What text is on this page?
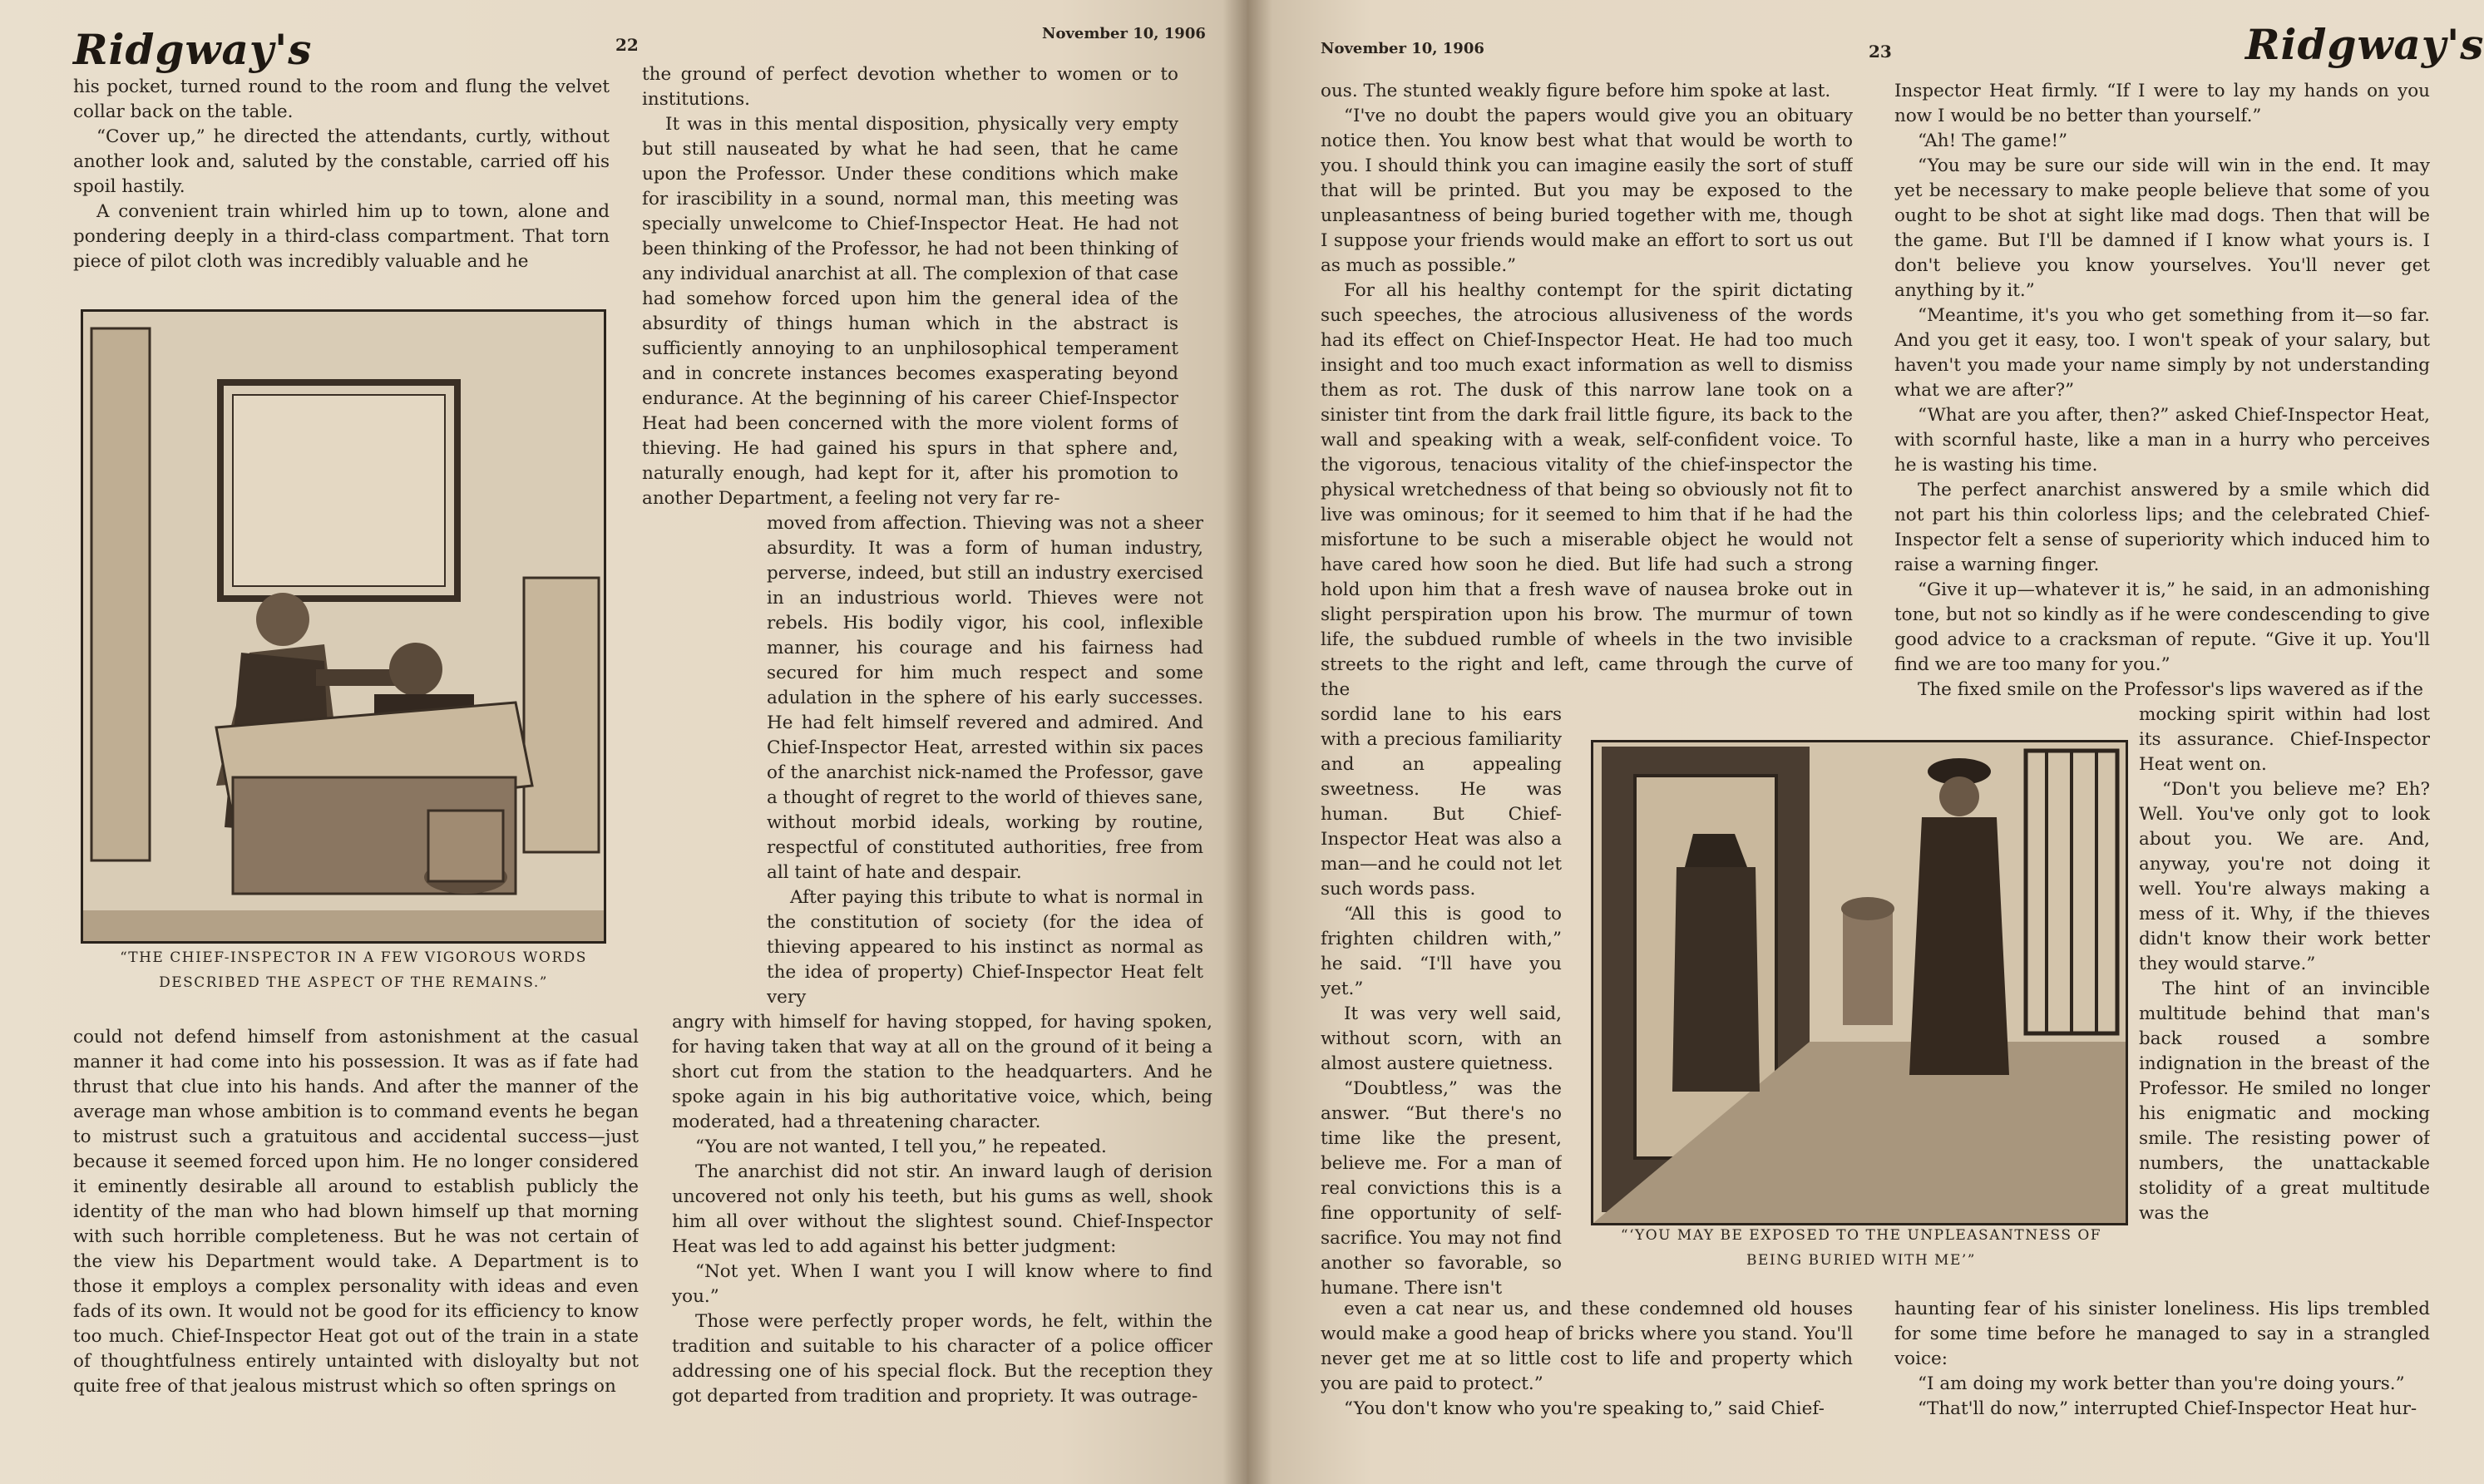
Ridgway's	22
November 10, 1906

his pocket, turned round to the room and flung the velvet collar back on the table.

“Cover up,” he directed the attendants, curtly, without another look and, saluted by the constable, carried off his spoil hastily.

A convenient train whirled him up to town, alone and pondering deeply in a third-class compartment. That torn piece of pilot cloth was incredibly valuable and he

“THE CHIEF-INSPECTOR IN A FEW VIGOROUS WORDS DESCRIBED THE ASPECT OF THE REMAINS.”

could not defend himself from astonishment at the casual manner it had come into his possession. It was as if fate had thrust that clue into his hands. And after the manner of the average man whose ambition is to command events he began to mistrust such a gratuitous and accidental success—just because it seemed forced upon him. He no longer considered it eminently desirable all around to establish publicly the identity of the man who had blown himself up that morning with such horrible completeness. But he was not certain of the view his Department would take. A Department is to those it employs a complex personality with ideas and even fads of its own. It would not be good for its efficiency to know too much. Chief-Inspector Heat got out of the train in a state of thoughtfulness entirely untainted with disloyalty but not quite free of that jealous mistrust which so often springs on

the ground of perfect devotion whether to women or to institutions.

It was in this mental disposition, physically very empty but still nauseated by what he had seen, that he came upon the Professor. Under these conditions which make for irascibility in a sound, normal man, this meeting was specially unwelcome to Chief-Inspector Heat. He had not been thinking of the Professor, he had not been thinking of any individual anarchist at all. The complexion of that case had somehow forced upon him the general idea of the absurdity of things human which in the abstract is sufficiently annoying to an unphilosophical temperament and in concrete instances becomes exasperating beyond endurance. At the beginning of his career Chief-Inspector Heat had been concerned with the more violent forms of thieving. He had gained his spurs in that sphere and, naturally enough, had kept for it, after his promotion to another Department, a feeling not very far re-

moved from affection. Thieving was not a sheer absurdity. It was a form of human industry, perverse, indeed, but still an industry exercised in an industrious world. Thieves were not rebels. His bodily vigor, his cool, inflexible manner, his courage and his fairness had secured for him much respect and some adulation in the sphere of his early successes. He had felt himself revered and admired. And Chief-Inspector Heat, arrested within six paces of the anarchist nick-named the Professor, gave a thought of regret to the world of thieves sane, without morbid ideals, working by routine, respectful of constituted authorities, free from all taint of hate and despair.

After paying this tribute to what is normal in the constitution of society (for the idea of thieving appeared to his instinct as normal as the idea of property) Chief-Inspector Heat felt very

angry with himself for having stopped, for having spoken, for having taken that way at all on the ground of it being a short cut from the station to the headquarters. And he spoke again in his big authoritative voice, which, being moderated, had a threatening character.

“You are not wanted, I tell you,” he repeated.

The anarchist did not stir. An inward laugh of derision uncovered not only his teeth, but his gums as well, shook him all over without the slightest sound. Chief-Inspector Heat was led to add against his better judgment:

“Not yet. When I want you I will know where to find you.”

Those were perfectly proper words, he felt, within the tradition and suitable to his character of a police officer addressing one of his special flock. But the reception they got departed from tradition and propriety. It was outrage-

November 10, 1906	23	Ridgway's

ous. The stunted weakly figure before him spoke at last.

“I've no doubt the papers would give you an obituary notice then. You know best what that would be worth to you. I should think you can imagine easily the sort of stuff that will be printed. But you may be exposed to the unpleasantness of being buried together with me, though I suppose your friends would make an effort to sort us out as much as possible.”

For all his healthy contempt for the spirit dictating such speeches, the atrocious allusiveness of the words had its effect on Chief-Inspector Heat. He had too much insight and too much exact information as well to dismiss them as rot. The dusk of this narrow lane took on a sinister tint from the dark frail little figure, its back to the wall and speaking with a weak, self-confident voice. To the vigorous, tenacious vitality of the chief-inspector the physical wretchedness of that being so obviously not fit to live was ominous; for it seemed to him that if he had the misfortune to be such a miserable object he would not have cared how soon he died. But life had such a strong hold upon him that a fresh wave of nausea broke out in slight perspiration upon his brow. The murmur of town life, the subdued rumble of wheels in the two invisible streets to the right and left, came through the curve of the

sordid lane to his ears with a precious familiarity and an appealing sweetness. He was human. But Chief-Inspector Heat was also a man—and he could not let such words pass.

“All this is good to frighten children with,” he said. “I'll have you yet.”

It was very well said, without scorn, with an almost austere quietness.

“Doubtless,” was the answer. “But there's no time like the present, believe me. For a man of real convictions this is a fine opportunity of self-sacrifice. You may not find another so favorable, so humane. There isn't

“‘YOU MAY BE EXPOSED TO THE UNPLEASANTNESS OF BEING BURIED WITH ME’”

even a cat near us, and these condemned old houses would make a good heap of bricks where you stand. You'll never get me at so little cost to life and property which you are paid to protect.”

“You don't know who you're speaking to,” said Chief-

Inspector Heat firmly. “If I were to lay my hands on you now I would be no better than yourself.”

“Ah! The game!”

“You may be sure our side will win in the end. It may yet be necessary to make people believe that some of you ought to be shot at sight like mad dogs. Then that will be the game. But I'll be damned if I know what yours is. I don't believe you know yourselves. You'll never get anything by it.”

“Meantime, it's you who get something from it—so far. And you get it easy, too. I won't speak of your salary, but haven't you made your name simply by not understanding what we are after?”

“What are you after, then?” asked Chief-Inspector Heat, with scornful haste, like a man in a hurry who perceives he is wasting his time.

The perfect anarchist answered by a smile which did not part his thin colorless lips; and the celebrated Chief-Inspector felt a sense of superiority which induced him to raise a warning finger.

“Give it up—whatever it is,” he said, in an admonishing tone, but not so kindly as if he were condescending to give good advice to a cracksman of repute. “Give it up. You'll find we are too many for you.”

The fixed smile on the Professor's lips wavered as if the

mocking spirit within had lost its assurance. Chief-Inspector Heat went on.

“Don't you believe me? Eh? Well. You've only got to look about you. We are. And, anyway, you're not doing it well. You're always making a mess of it. Why, if the thieves didn't know their work better they would starve.”

The hint of an invincible multitude behind that man's back roused a sombre indignation in the breast of the Professor. He smiled no longer his enigmatic and mocking smile. The resisting power of numbers, the unattackable stolidity of a great multitude was the

haunting fear of his sinister loneliness. His lips trembled for some time before he managed to say in a strangled voice:

“I am doing my work better than you're doing yours.”

“That'll do now,” interrupted Chief-Inspector Heat hur-
